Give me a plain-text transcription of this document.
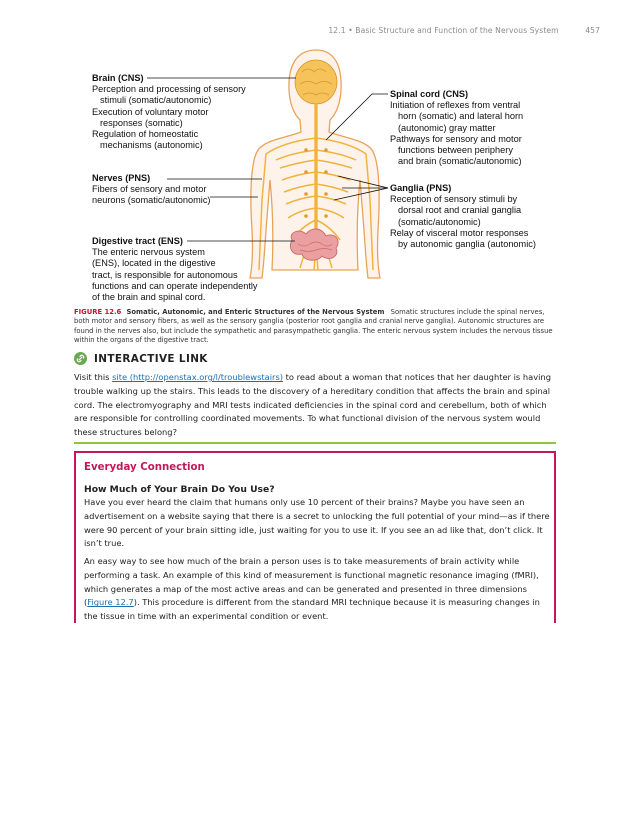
12.1 • Basic Structure and Function of the Nervous System	457
Brain (CNS)
Perception and processing of sensory
stimuli (somatic/autonomic)
Execution of voluntary motor
responses (somatic)
Regulation of homeostatic
mechanisms (autonomic)
Nerves (PNS)
Fibers of sensory and motor
neurons (somatic/autonomic)
Digestive tract (ENS)
The enteric nervous system
(ENS), located in the digestive
tract, is responsible for autonomous
functions and can operate independently
of the brain and spinal cord.
Spinal cord (CNS)
Initiation of reflexes from ventral
horn (somatic) and lateral horn
(autonomic) gray matter
Pathways for sensory and motor
functions between periphery
and brain (somatic/autonomic)
Ganglia (PNS)
Reception of sensory stimuli by
dorsal root and cranial ganglia
(somatic/autonomic)
Relay of visceral motor responses
by autonomic ganglia (autonomic)
FIGURE 12.6 Somatic, Autonomic, and Enteric Structures of the Nervous System Somatic structures include the spinal nerves, both motor and sensory fibers, as well as the sensory ganglia (posterior root ganglia and cranial nerve ganglia). Autonomic structures are found in the nerves also, but include the sympathetic and parasympathetic ganglia. The enteric nervous system includes the nervous tissue within the organs of the digestive tract.
INTERACTIVE LINK
Visit this site (http://openstax.org/l/troublewstairs) to read about a woman that notices that her daughter is having trouble walking up the stairs. This leads to the discovery of a hereditary condition that affects the brain and spinal cord. The electromyography and MRI tests indicated deficiencies in the spinal cord and cerebellum, both of which are responsible for controlling coordinated movements. To what functional division of the nervous system would these structures belong?
Everyday Connection
How Much of Your Brain Do You Use?
Have you ever heard the claim that humans only use 10 percent of their brains? Maybe you have seen an advertisement on a website saying that there is a secret to unlocking the full potential of your mind—as if there were 90 percent of your brain sitting idle, just waiting for you to use it. If you see an ad like that, don’t click. It isn’t true.
An easy way to see how much of the brain a person uses is to take measurements of brain activity while performing a task. An example of this kind of measurement is functional magnetic resonance imaging (fMRI), which generates a map of the most active areas and can be generated and presented in three dimensions (Figure 12.7). This procedure is different from the standard MRI technique because it is measuring changes in the tissue in time with an experimental condition or event.
